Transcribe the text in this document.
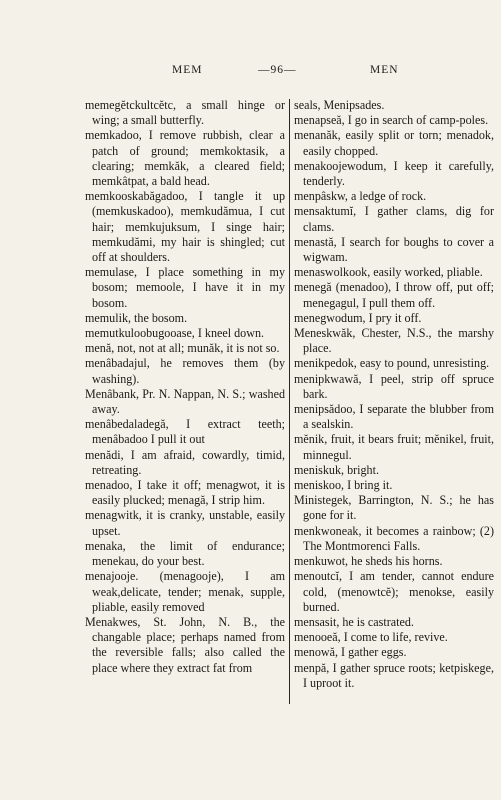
MEM	—96—	MEN

memegĕtckultcĕtc, a small hinge or wing; a small butterfly.

memkadoo, I remove rubbish, clear a patch of ground; memkoktasik, a clearing; memkăk, a cleared field; memkâtpat, a bald head.

memkooskabăgadoo, I tangle it up (memkuskadoo), memkudămua, I cut hair; memkujuksum, I singe hair; memkudămi, my hair is shingled; cut off at shoulders.

memulase, I place something in my bosom; memoole, I have it in my bosom.

memulik, the bosom.

memutkuloobugooase, I kneel down.

menă, not, not at all; munăk, it is not so.

menâbadajul, he removes them (by washing).

Menâbank, Pr. N. Nappan, N. S.; washed away.

menâbedaladegă, I extract teeth; menâbadoo I pull it out

menădi, I am afraid, cowardly, timid, retreating.

menadoo, I take it off; menagwot, it is easily plucked; menagă, I strip him.

menagwitk, it is cranky, unstable, easily upset.

menaka, the limit of endurance; menekau, do your best.

menajooje. (menagooje), I am weak,delicate, tender; menak, supple, pliable, easily removed

Menakwes, St. John, N. B., the changable place; perhaps named from the reversible falls; also called the place where they extract fat from

seals, Menipsades.

menapseă, I go in search of camp-poles.

menanăk, easily split or torn; menadok, easily chopped.

menakoojewodum, I keep it carefully, tenderly.

menpâskw, a ledge of rock.

mensaktumĭ, I gather clams, dig for clams.

menastă, I search for boughs to cover a wigwam.

menaswolkook, easily worked, pliable.

menegă (menadoo), I throw off, put off; menegagul, I pull them off.

menegwodum, I pry it off.

Meneskwăk, Chester, N.S., the marshy place.

menikpedok, easy to pound, unresisting.

menipkwawă, I peel, strip off spruce bark.

menipsădoo, I separate the blubber from a sealskin.

mĕnik, fruit, it bears fruit; mĕnikel, fruit, minnegul.

meniskuk, bright.

meniskoo, I bring it.

Ministegek, Barrington, N. S.; he has gone for it.

menkwoneak, it becomes a rainbow; (2) The Montmorenci Falls.

menkuwot, he sheds his horns.

menoutcĭ, I am tender, cannot endure cold, (menowtcĕ); menokse, easily burned.

mensasit, he is castrated.

menooeă, I come to life, revive.

menowă, I gather eggs.

menpă, I gather spruce roots; ketpiskege, I uproot it.
